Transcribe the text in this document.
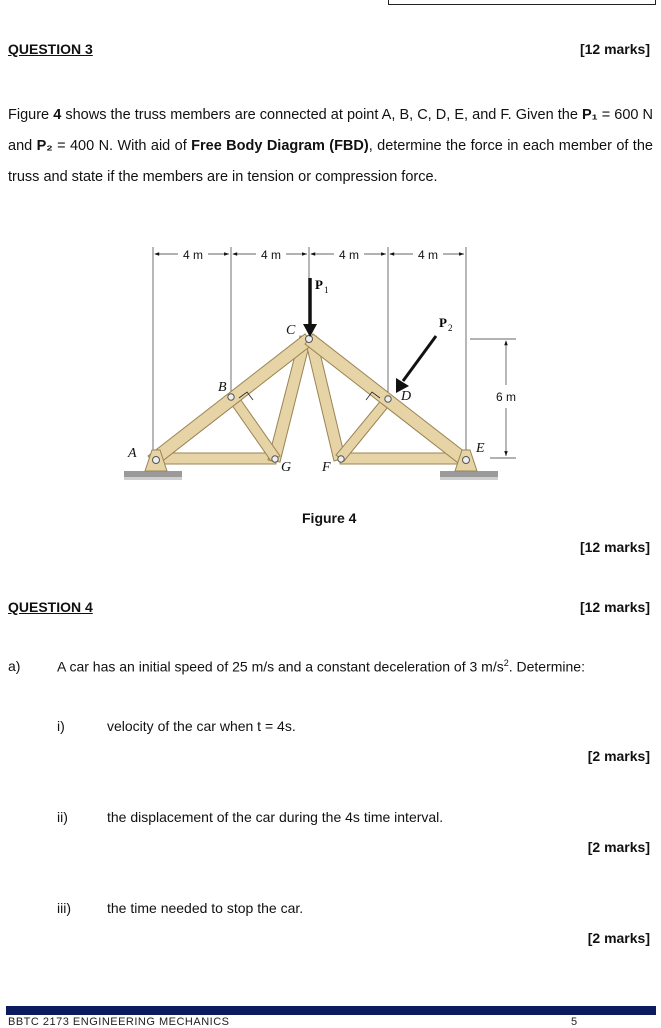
QUESTION 3	[12 marks]
Figure 4 shows the truss members are connected at point A, B, C, D, E, and F. Given the P₁ = 600 N and P₂ = 400 N. With aid of Free Body Diagram (FBD), determine the force in each member of the truss and state if the members are in tension or compression force.
4 m	4 m	4 m	4 m
6 m
P 1
P 2
A
B
C
D
E
F
G
Figure 4
[12 marks]
QUESTION 4	[12 marks]
a)	A car has an initial speed of 25 m/s and a constant deceleration of 3 $m/s^2$. Determine:
i)	velocity of the car when t = 4s.
[2 marks]
ii)	the displacement of the car during the 4s time interval.
[2 marks]
iii)	the time needed to stop the car.
[2 marks]
BBTC 2173 ENGINEERING MECHANICS	5
